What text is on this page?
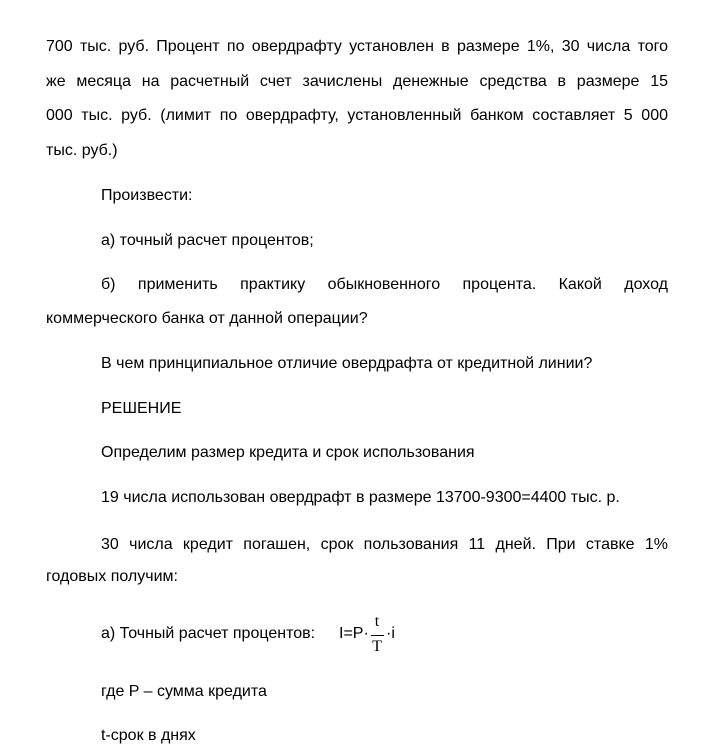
700 тыс. руб. Процент по овердрафту установлен в размере 1%, 30 числа того
же месяца на расчетный счет зачислены денежные средства в размере 15
000 тыс. руб. (лимит по овердрафту, установленный банком составляет 5 000
тыс. руб.)
Произвести:
а) точный расчет процентов;
б) применить практику обыкновенного процента. Какой доход
коммерческого банка от данной операции?
В чем принципиальное отличие овердрафта от кредитной линии?
РЕШЕНИЕ
Определим размер кредита и срок использования
19 числа использован овердрафт в размере 13700-9300=4400 тыс. р.
30 числа кредит погашен, срок пользования 11 дней. При ставке 1%
годовых получим:
а) Точный расчет процентов: I=P·
t
T
·i
где P – сумма кредита
t-срок в днях
